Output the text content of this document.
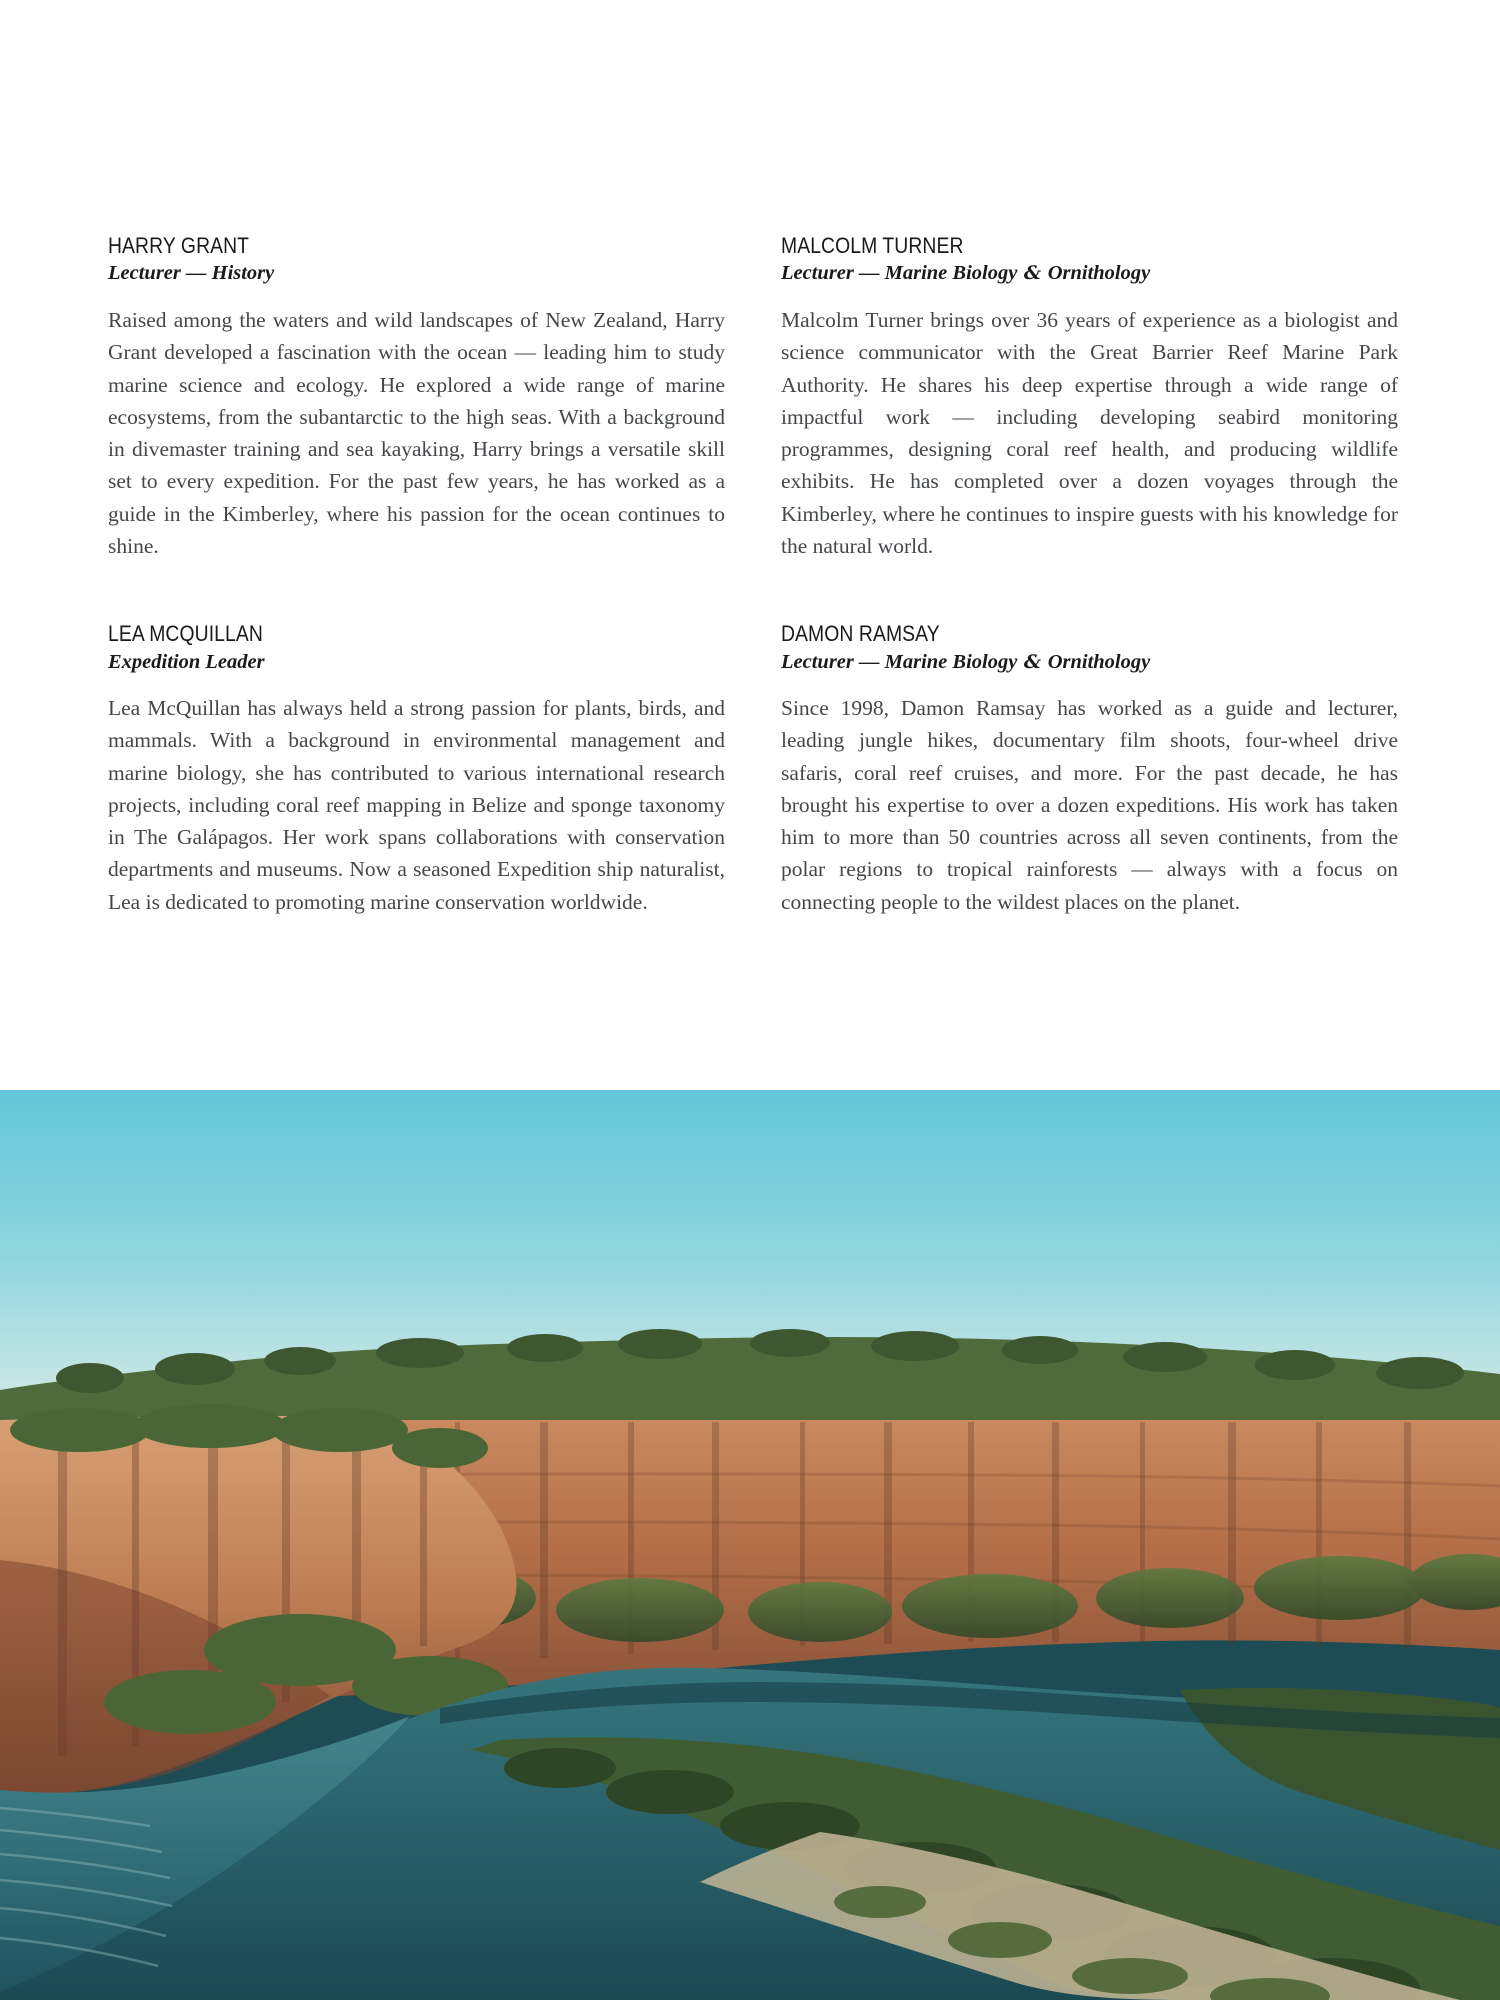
HARRY GRANT
Lecturer — History

Raised among the waters and wild landscapes of New Zealand, Harry Grant developed a fascination with the ocean — leading him to study marine science and ecology. He explored a wide range of marine ecosystems, from the subantarctic to the high seas. With a background in divemaster training and sea kayaking, Harry brings a versatile skill set to every expedition. For the past few years, he has worked as a guide in the Kimberley, where his passion for the ocean continues to shine.

MALCOLM TURNER
Lecturer — Marine Biology & Ornithology

Malcolm Turner brings over 36 years of experience as a biologist and science communicator with the Great Barrier Reef Marine Park Authority. He shares his deep expertise through a wide range of impactful work — including developing seabird monitoring programmes, designing coral reef health, and producing wildlife exhibits. He has completed over a dozen voyages through the Kimberley, where he continues to inspire guests with his knowledge for the natural world.

LEA MCQUILLAN
Expedition Leader

Lea McQuillan has always held a strong passion for plants, birds, and mammals. With a background in environmental management and marine biology, she has contributed to various international research projects, including coral reef mapping in Belize and sponge taxonomy in The Galápagos. Her work spans collaborations with conservation departments and museums. Now a seasoned Expedition ship naturalist, Lea is dedicated to promoting marine conservation worldwide.

DAMON RAMSAY
Lecturer — Marine Biology & Ornithology

Since 1998, Damon Ramsay has worked as a guide and lecturer, leading jungle hikes, documentary film shoots, four-wheel drive safaris, coral reef cruises, and more. For the past decade, he has brought his expertise to over a dozen expeditions. His work has taken him to more than 50 countries across all seven continents, from the polar regions to tropical rainforests — always with a focus on connecting people to the wildest places on the planet.
